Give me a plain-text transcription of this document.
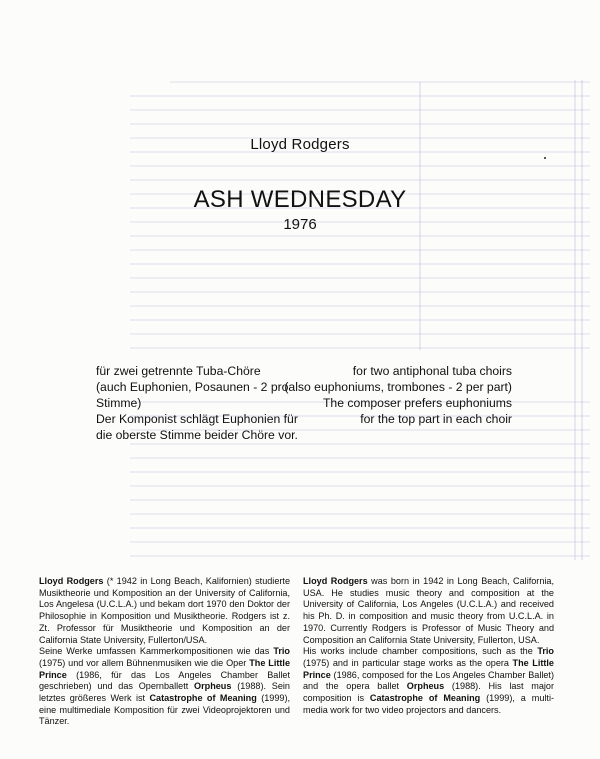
Lloyd Rodgers
ASH WEDNESDAY
1976
für zwei getrennte Tuba-Chöre
(auch Euphonien, Posaunen - 2 pro Stimme)
Der Komponist schlägt Euphonien für
die oberste Stimme beider Chöre vor.
for two antiphonal tuba choirs
(also euphoniums, trombones - 2 per part)
The composer prefers euphoniums
for the top part in each choir

Lloyd Rodgers (* 1942 in Long Beach, Kalifornien) studierte Musiktheorie und Komposition an der University of California, Los Angelesa (U.C.L.A.) und bekam dort 1970 den Doktor der Philosophie in Komposition und Musiktheorie. Rodgers ist z. Zt. Professor für Musiktheorie und Komposition an der California State University, Fullerton/USA.

Seine Werke umfassen Kammerkompositionen wie das Trio (1975) und vor allem Bühnenmusiken wie die Oper The Little Prince (1986, für das Los Angeles Chamber Ballet geschrieben) und das Opernballett Orpheus (1988). Sein letztes größeres Werk ist Catastrophe of Meaning (1999), eine multimediale Komposition für zwei Videoprojektoren und Tänzer.

Lloyd Rodgers was born in 1942 in Long Beach, California, USA. He studies music theory and composition at the University of California, Los Angeles (U.C.L.A.) and received his Ph. D. in composition and music theory from U.C.L.A. in 1970. Currently Rodgers is Professor of Music Theory and Composition an California State University, Fullerton, USA.

His works include chamber compositions, such as the Trio (1975) and in particular stage works as the opera The Little Prince (1986, composed for the Los Angeles Chamber Ballet) and the opera ballet Orpheus (1988). His last major composition is Catastrophe of Meaning (1999), a multi-media work for two video projectors and dancers.
